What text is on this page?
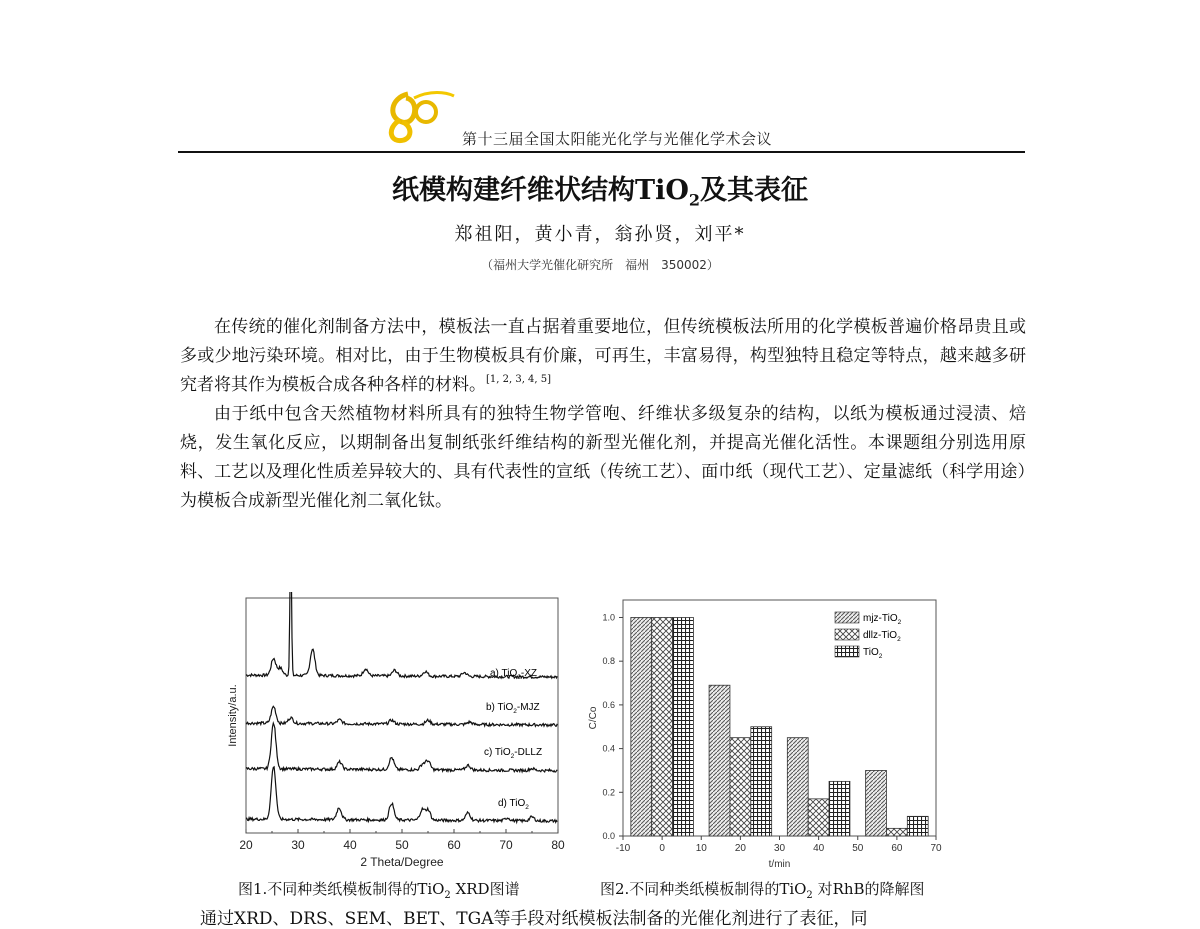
第十三届全国太阳能光化学与光催化学术会议
纸模构建纤维状结构TiO$_2$及其表征
郑祖阳，黄小青，翁孙贤，刘平*
（福州大学光催化研究所　福州　350002）

在传统的催化剂制备方法中，模板法一直占据着重要地位，但传统模板法所用的化学模板普遍价格昂贵且或多或少地污染环境。相对比，由于生物模板具有价廉，可再生，丰富易得，构型独特且稳定等特点，越来越多研究者将其作为模板合成各种各样的材料。[1, 2, 3, 4, 5]

由于纸中包含天然植物材料所具有的独特生物学管咆、纤维状多级复杂的结构，以纸为模板通过浸渍、焙烧，发生氧化反应，以期制备出复制纸张纤维结构的新型光催化剂，并提高光催化活性。本课题组分别选用原料、工艺以及理化性质差异较大的、具有代表性的宣纸（传统工艺）、面巾纸（现代工艺）、定量滤纸（科学用途）为模板合成新型光催化剂二氧化钛。

20	30	40	50	60	70	80
2 Theta/Degree
Intensity/a.u.
a) TiO$_2$-XZ
b) TiO$_2$-MJZ
c) TiO$_2$-DLLZ
d) TiO$_2$
-10	0	10	20	30	40	50	60	70
0.0
0.2
0.4
0.6
0.8
1.0
t/min
C/Co
mjz-TiO$_2$
dllz-TiO$_2$
TiO$_2$
图1.不同种类纸模板制得的TiO$_2$ XRD图谱	图2.不同种类纸模板制得的TiO$_2$ 对RhB的降解图
通过XRD、DRS、SEM、BET、TGA等手段对纸模板法制备的光催化剂进行了表征，同
